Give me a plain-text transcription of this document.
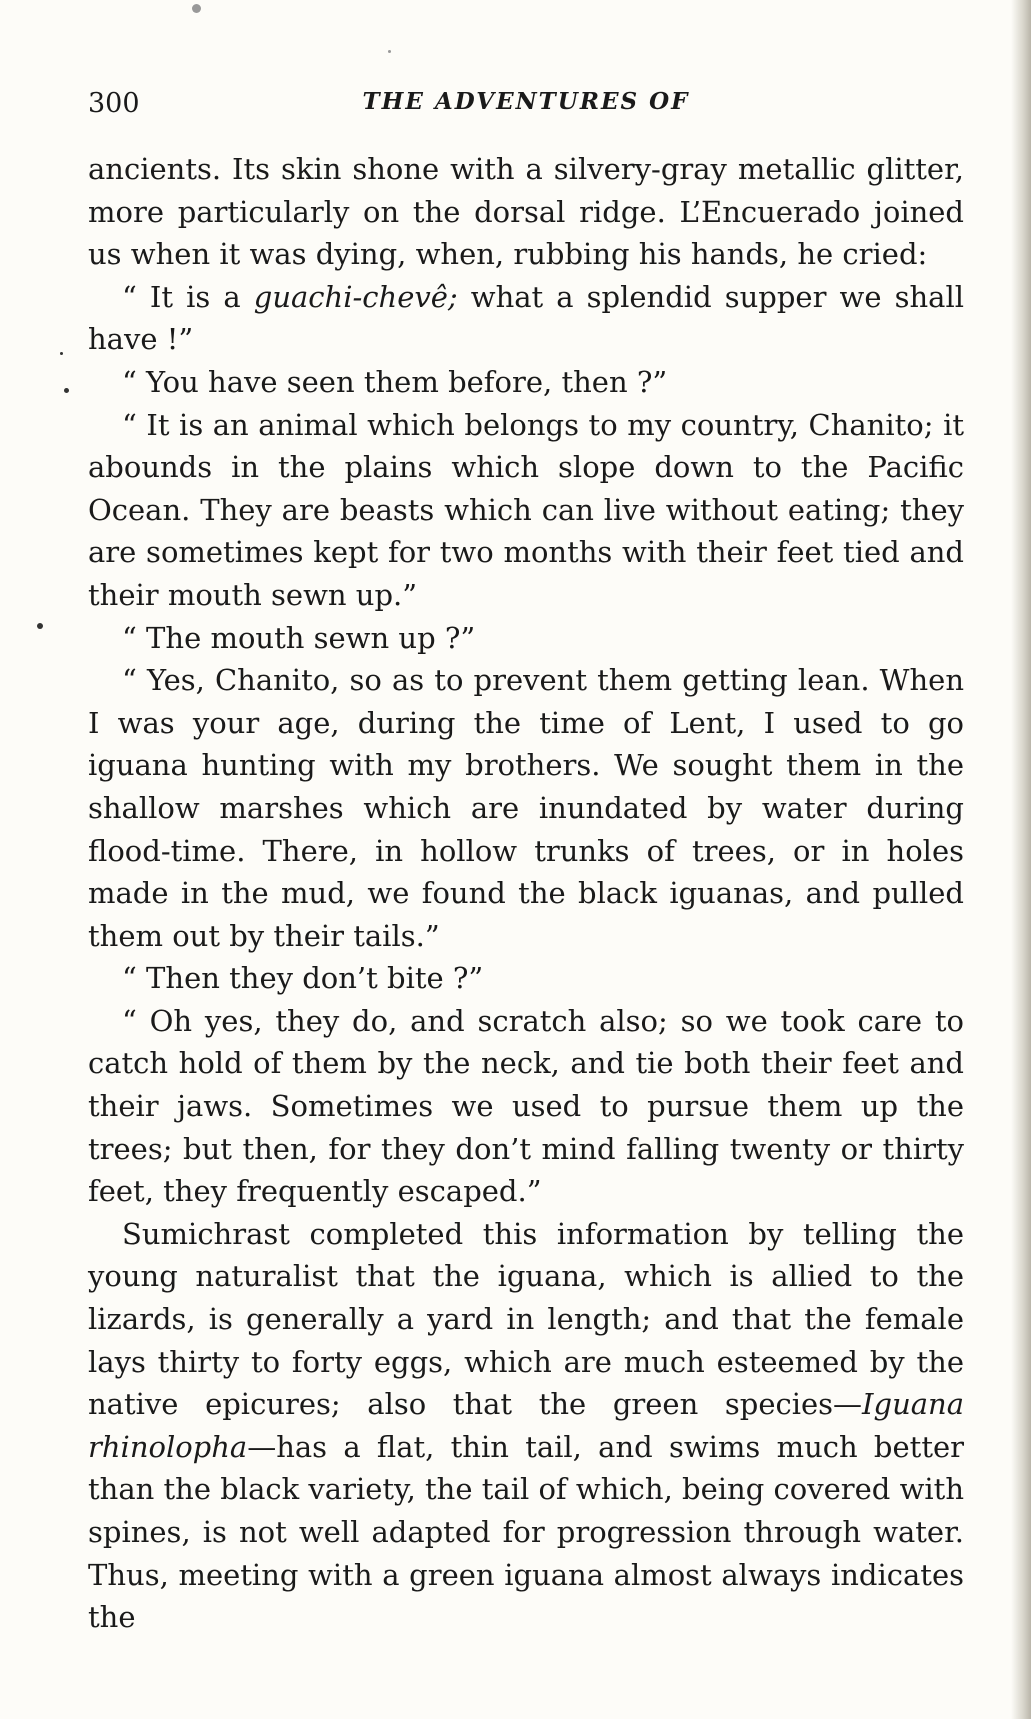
300	THE ADVENTURES OF

ancients. Its skin shone with a silvery-gray metallic glitter, more particularly on the dorsal ridge. L’Encuerado joined us when it was dying, when, rubbing his hands, he cried:

“ It is a guachi-chevê; what a splendid supper we shall have !”

“ You have seen them before, then ?”

“ It is an animal which belongs to my country, Chanito; it abounds in the plains which slope down to the Pacific Ocean. They are beasts which can live without eating; they are sometimes kept for two months with their feet tied and their mouth sewn up.”

“ The mouth sewn up ?”

“ Yes, Chanito, so as to prevent them getting lean. When I was your age, during the time of Lent, I used to go iguana hunting with my brothers. We sought them in the shallow marshes which are inundated by water during flood-time. There, in hollow trunks of trees, or in holes made in the mud, we found the black iguanas, and pulled them out by their tails.”

“ Then they don’t bite ?”

“ Oh yes, they do, and scratch also; so we took care to catch hold of them by the neck, and tie both their feet and their jaws. Sometimes we used to pursue them up the trees; but then, for they don’t mind falling twenty or thirty feet, they frequently escaped.”

Sumichrast completed this information by telling the young naturalist that the iguana, which is allied to the lizards, is generally a yard in length; and that the female lays thirty to forty eggs, which are much esteemed by the native epicures; also that the green species—Iguana rhinolopha—has a flat, thin tail, and swims much better than the black variety, the tail of which, being covered with spines, is not well adapted for progression through water. Thus, meeting with a green iguana almost always indicates the
